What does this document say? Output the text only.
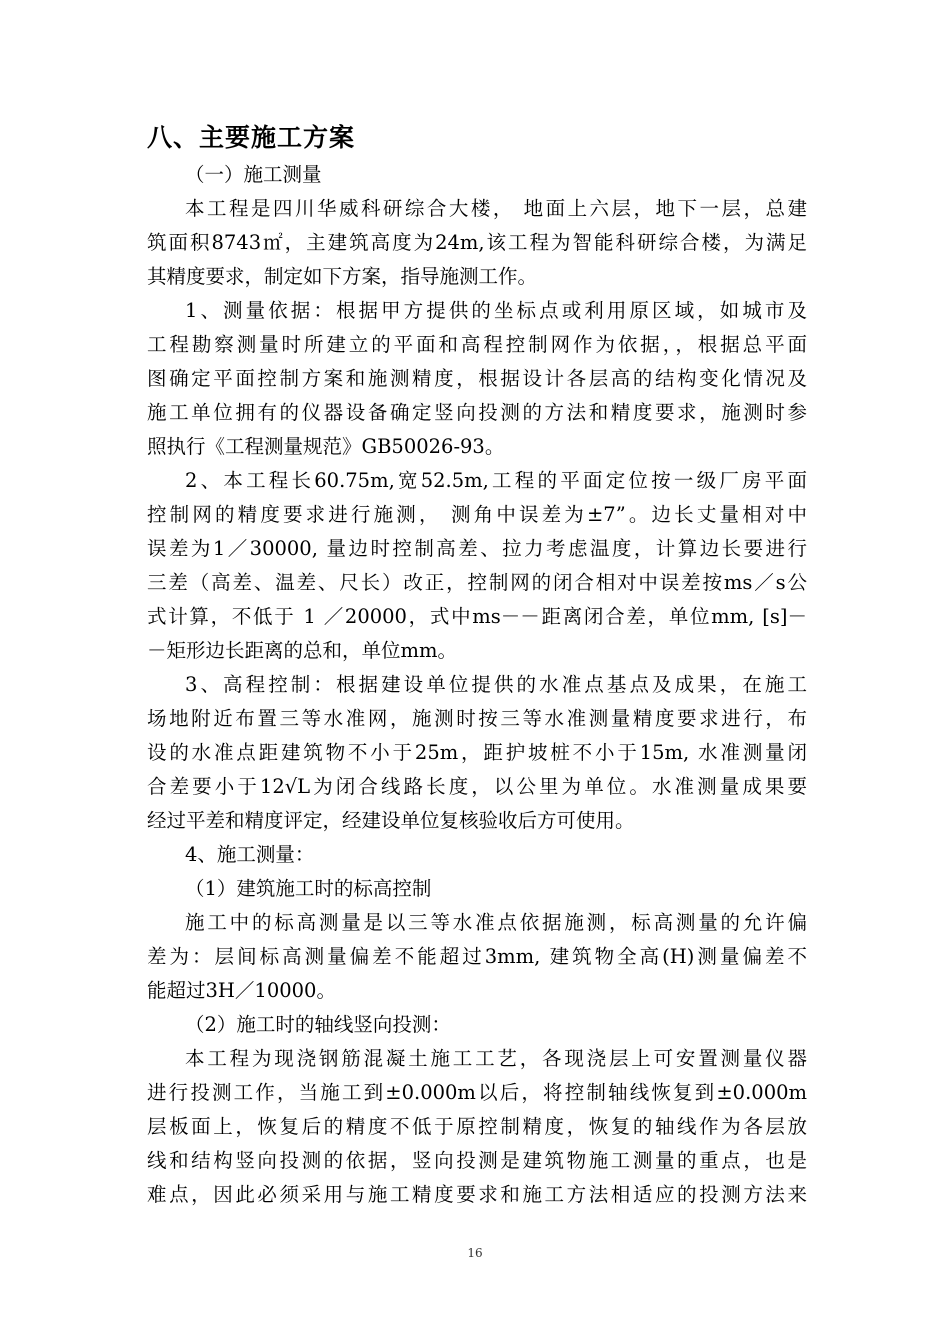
八、主要施工方案
（一）施工测量
本工程是四川华威科研综合大楼， 地面上六层，地下一层，总建
筑面积8743㎡，主建筑高度为24m,该工程为智能科研综合楼，为满足
其精度要求，制定如下方案，指导施测工作。
1、测量依据：根据甲方提供的坐标点或利用原区域，如城市及
工程勘察测量时所建立的平面和高程控制网作为依据，，根据总平面
图确定平面控制方案和施测精度，根据设计各层高的结构变化情况及
施工单位拥有的仪器设备确定竖向投测的方法和精度要求，施测时参
照执行《工程测量规范》GB50026-93。
2、本工程长60.75m,宽52.5m,工程的平面定位按一级厂房平面
控制网的精度要求进行施测， 测角中误差为±7”。边长丈量相对中
误差为1／30000, 量边时控制高差、拉力考虑温度，计算边长要进行
三差（高差、温差、尺长）改正，控制网的闭合相对中误差按ms／s公
式计算，不低于 1 ／20000，式中ms－－距离闭合差，单位mm, [s]－
－矩形边长距离的总和，单位mm。
3、高程控制：根据建设单位提供的水准点基点及成果，在施工
场地附近布置三等水准网，施测时按三等水准测量精度要求进行，布
设的水准点距建筑物不小于25m，距护坡桩不小于15m, 水准测量闭
合差要小于12√L为闭合线路长度，以公里为单位。水准测量成果要
经过平差和精度评定，经建设单位复核验收后方可使用。
4、施工测量：
（1）建筑施工时的标高控制
施工中的标高测量是以三等水准点依据施测，标高测量的允许偏
差为：层间标高测量偏差不能超过3mm, 建筑物全高(H)测量偏差不
能超过3H／10000。
（2）施工时的轴线竖向投测：
本工程为现浇钢筋混凝土施工工艺，各现浇层上可安置测量仪器
进行投测工作，当施工到±0.000m以后，将控制轴线恢复到±0.000m
层板面上，恢复后的精度不低于原控制精度，恢复的轴线作为各层放
线和结构竖向投测的依据，竖向投测是建筑物施工测量的重点，也是
难点，因此必须采用与施工精度要求和施工方法相适应的投测方法来
16
